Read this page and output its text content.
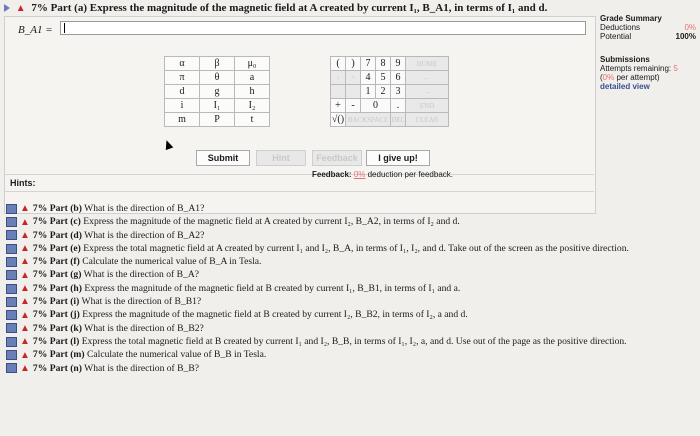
▲ 7% Part (a) Express the magnitude of the magnetic field at A created by current I₁, B_A1, in terms of I₁ and d.
B_A1 =
α	β	μ₀
π	θ	a
d	g	h
i	I₁	I₂
m	P	t
(	)	7	8	9	HOME
↑	^	4	5	6	←
		1	2	3	→
+	-	0		.	END
√()	BACKSPACE			DEL	CLEAR
Submit	Hint	Feedback	I give up!
Hints:
Feedback: 0% deduction per feedback.
Grade Summary
Deductions	0%
Potential	100%
Submissions
Attempts remaining: 5
(0% per attempt)
detailed view
▲ 7% Part (b) What is the direction of B_A1?
▲ 7% Part (c) Express the magnitude of the magnetic field at A created by current I₂, B_A2, in terms of I₂ and d.
▲ 7% Part (d) What is the direction of B_A2?
▲ 7% Part (e) Express the total magnetic field at A created by current I₁ and I₂, B_A, in terms of I₁, I₂, and d. Take out of the screen as the positive direction.
▲ 7% Part (f) Calculate the numerical value of B_A in Tesla.
▲ 7% Part (g) What is the direction of B_A?
▲ 7% Part (h) Express the magnitude of the magnetic field at B created by current I₁, B_B1, in terms of I₁ and a.
▲ 7% Part (i) What is the direction of B_B1?
▲ 7% Part (j) Express the magnitude of the magnetic field at B created by current I₂, B_B2, in terms of I₂, a and d.
▲ 7% Part (k) What is the direction of B_B2?
▲ 7% Part (l) Express the total magnetic field at B created by current I₁ and I₂, B_B, in terms of I₁, I₂, a, and d. Use out of the page as the positive direction.
▲ 7% Part (m) Calculate the numerical value of B_B in Tesla.
▲ 7% Part (n) What is the direction of B_B?
